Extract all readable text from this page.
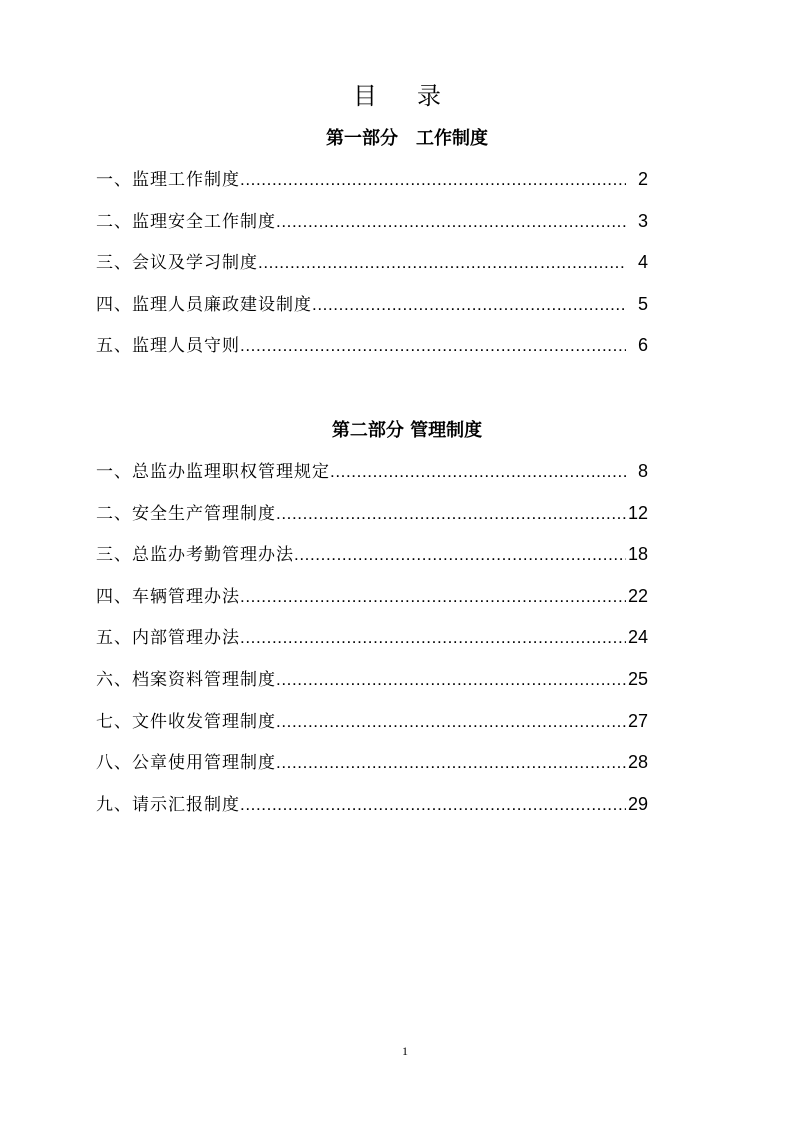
目录
第一部分　工作制度
一、监理工作制度 .....	2
二、监理安全工作制度 .....	3
三、会议及学习制度 .....	4
四、监理人员廉政建设制度 .....	5
五、监理人员守则 .....	6
第二部分 管理制度
一、总监办监理职权管理规定 .....	8
二、安全生产管理制度 .....	12
三、总监办考勤管理办法 .....	18
四、车辆管理办法 .....	22
五、内部管理办法 .....	24
六、档案资料管理制度 .....	25
七、文件收发管理制度 .....	27
八、公章使用管理制度 .....	28
九、请示汇报制度 .....	29
1
